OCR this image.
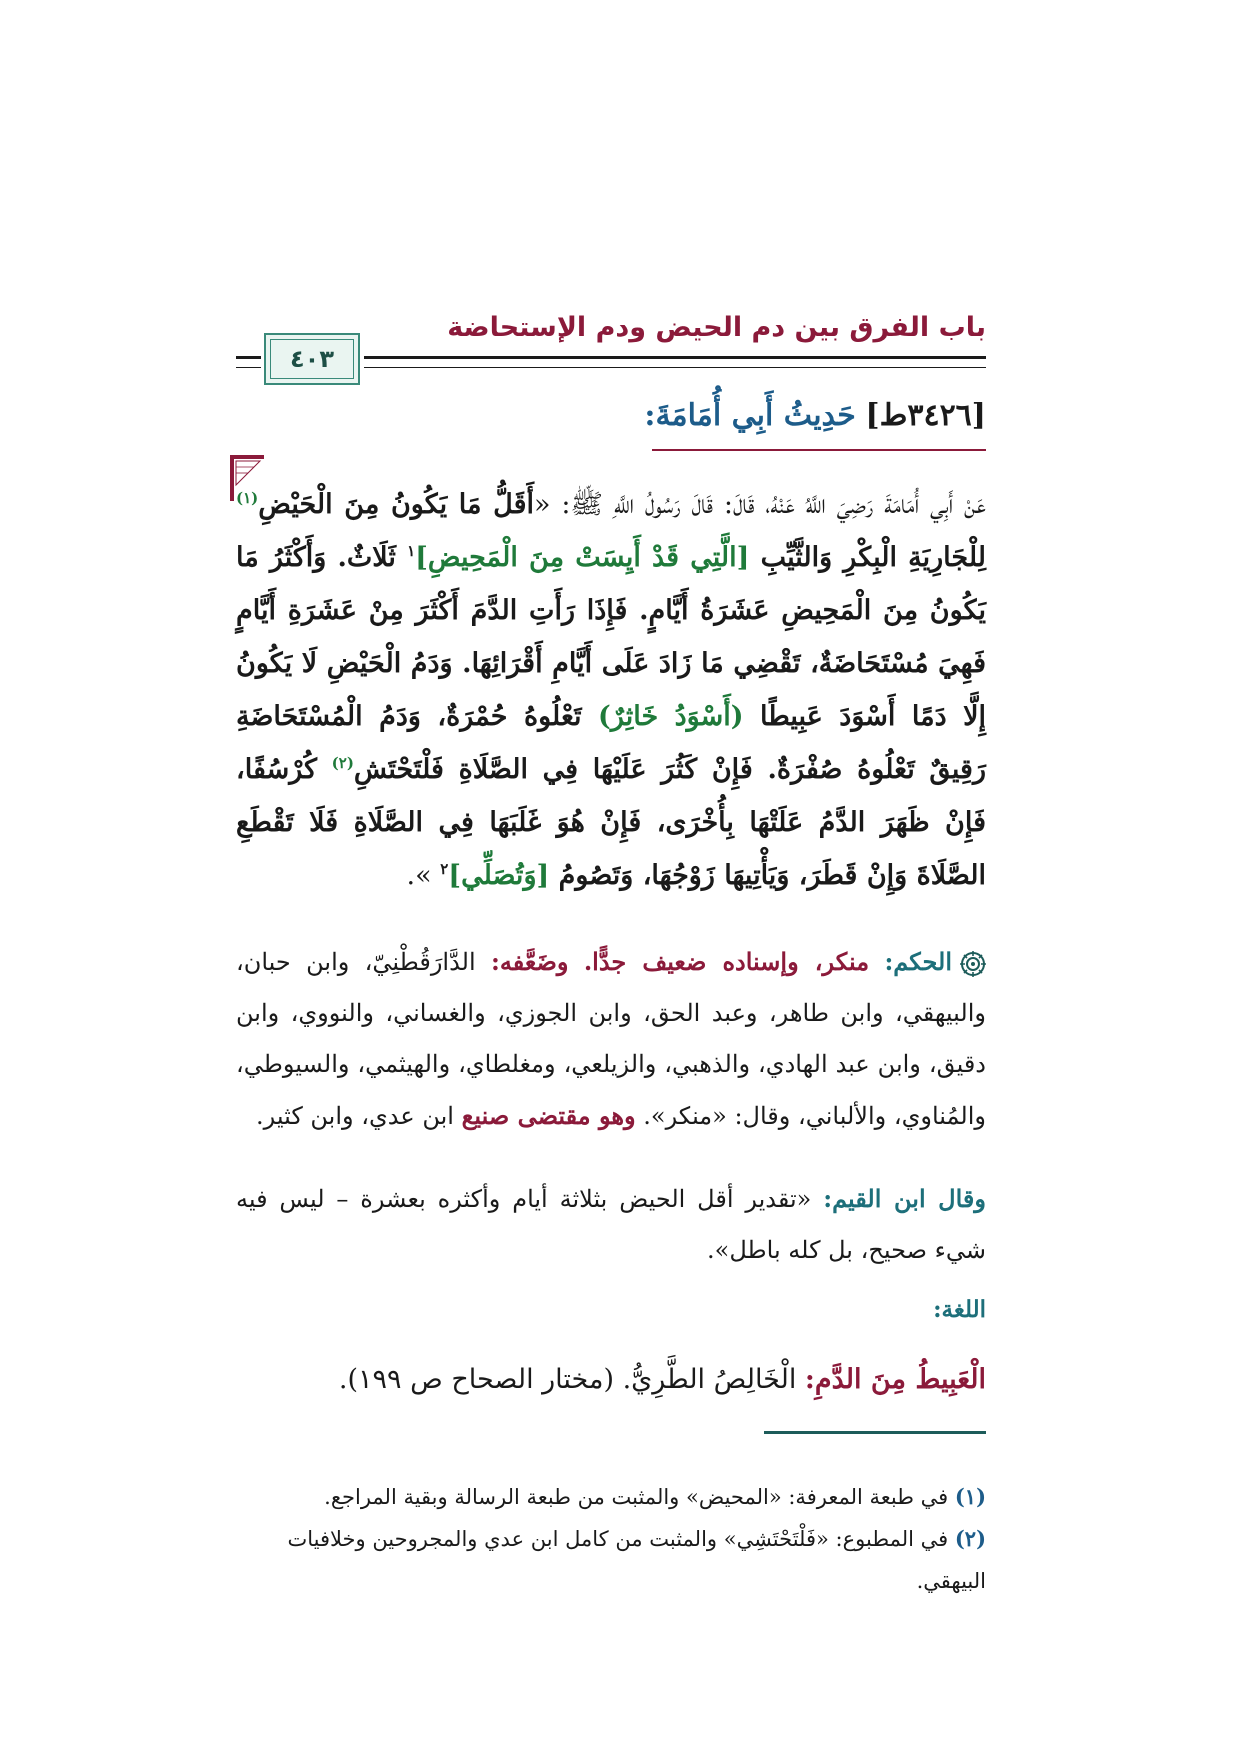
باب الفرق بين دم الحيض ودم الإستحاضة
٤٠٣
[٣٤٢٦ط] حَدِيثُ أَبِي أُمَامَةَ:
عَنْ أَبِي أُمَامَةَ رَضِيَ اللَّهُ عَنْهُ، قَالَ: قَالَ رَسُولُ اللَّهِ ﷺ: «أَقَلُّ مَا يَكُونُ مِنَ الْحَيْضِ$^{(١)}$ لِلْجَارِيَةِ الْبِكْرِ وَالثَّيِّبِ [الَّتِي قَدْ أَيِسَتْ مِنَ الْمَحِيضِ]$^١$ ثَلَاثٌ. وَأَكْثَرُ مَا يَكُونُ مِنَ الْمَحِيضِ عَشَرَةُ أَيَّامٍ. فَإِذَا رَأَتِ الدَّمَ أَكْثَرَ مِنْ عَشَرَةِ أَيَّامٍ فَهِيَ مُسْتَحَاضَةٌ، تَقْضِي مَا زَادَ عَلَى أَيَّامِ أَقْرَائِهَا. وَدَمُ الْحَيْضِ لَا يَكُونُ إِلَّا دَمًا أَسْوَدَ عَبِيطًا (أَسْوَدُ خَاثِرٌ) تَعْلُوهُ حُمْرَةٌ، وَدَمُ الْمُسْتَحَاضَةِ رَقِيقٌ تَعْلُوهُ صُفْرَةٌ. فَإِنْ كَثُرَ عَلَيْهَا فِي الصَّلَاةِ فَلْتَحْتَشِ$^{(٢)}$ كُرْسُفًا، فَإِنْ ظَهَرَ الدَّمُ عَلَتْهَا بِأُخْرَى، فَإِنْ هُوَ غَلَبَهَا فِي الصَّلَاةِ فَلَا تَقْطَعِ الصَّلَاةَ وَإِنْ قَطَرَ، وَيَأْتِيهَا زَوْجُهَا، وَتَصُومُ [وَتُصَلِّي]$^٢$ ».
الحكم: منكر، وإسناده ضعيف جدًّا. وضَعَّفه: الدَّارَقُطْنِيّ، وابن حبان، والبيهقي، وابن طاهر، وعبد الحق، وابن الجوزي، والغساني، والنووي، وابن دقيق، وابن عبد الهادي، والذهبي، والزيلعي، ومغلطاي، والهيثمي، والسيوطي، والمُناوي، والألباني، وقال: «منكر». وهو مقتضى صنيع ابن عدي، وابن كثير.
وقال ابن القيم: «تقدير أقل الحيض بثلاثة أيام وأكثره بعشرة – ليس فيه شيء صحيح، بل كله باطل».
اللغة:
الْعَبِيطُ مِنَ الدَّمِ: الْخَالِصُ الطَّرِيُّ. (مختار الصحاح ص ١٩٩).

(١) في طبعة المعرفة: «المحيض» والمثبت من طبعة الرسالة وبقية المراجع.

(٢) في المطبوع: «فَلْتَحْتَشِي» والمثبت من كامل ابن عدي والمجروحين وخلافيات البيهقي.
